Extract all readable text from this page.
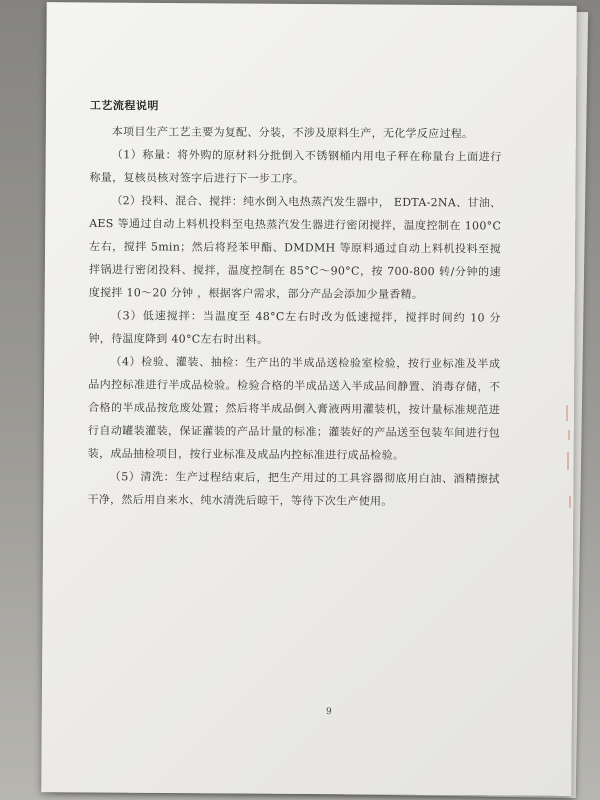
工艺流程说明

本项目生产工艺主要为复配、分装，不涉及原料生产，无化学反应过程。

（1）称量：将外购的原材料分批倒入不锈钢桶内用电子秤在称量台上面进行称量，复核员核对签字后进行下一步工序。

（2）投料、混合、搅拌：纯水倒入电热蒸汽发生器中， EDTA-2NA、甘油、AES 等通过自动上料机投料至电热蒸汽发生器进行密闭搅拌，温度控制在 100°C左右，搅拌 5min；然后将羟苯甲酯、DMDMH 等原料通过自动上料机投料至搅拌锅进行密闭投料、搅拌，温度控制在 85°C～90°C，按 700-800 转/分钟的速度搅拌 10～20 分钟 ，根据客户需求，部分产品会添加少量香精。

（3）低速搅拌：当温度至 48°C左右时改为低速搅拌，搅拌时间约 10 分钟，待温度降到 40°C左右时出料。

（4）检验、灌装、抽检：生产出的半成品送检验室检验，按行业标准及半成品内控标准进行半成品检验。检验合格的半成品送入半成品间静置、消毒存储，不合格的半成品按危废处置；然后将半成品倒入膏液两用灌装机，按计量标准规范进行自动罐装灌装，保证灌装的产品计量的标准；灌装好的产品送至包装车间进行包装，成品抽检项目，按行业标准及成品内控标准进行成品检验。

（5）清洗：生产过程结束后，把生产用过的工具容器彻底用白油、酒精擦拭干净，然后用自来水、纯水清洗后晾干，等待下次生产使用。

9
